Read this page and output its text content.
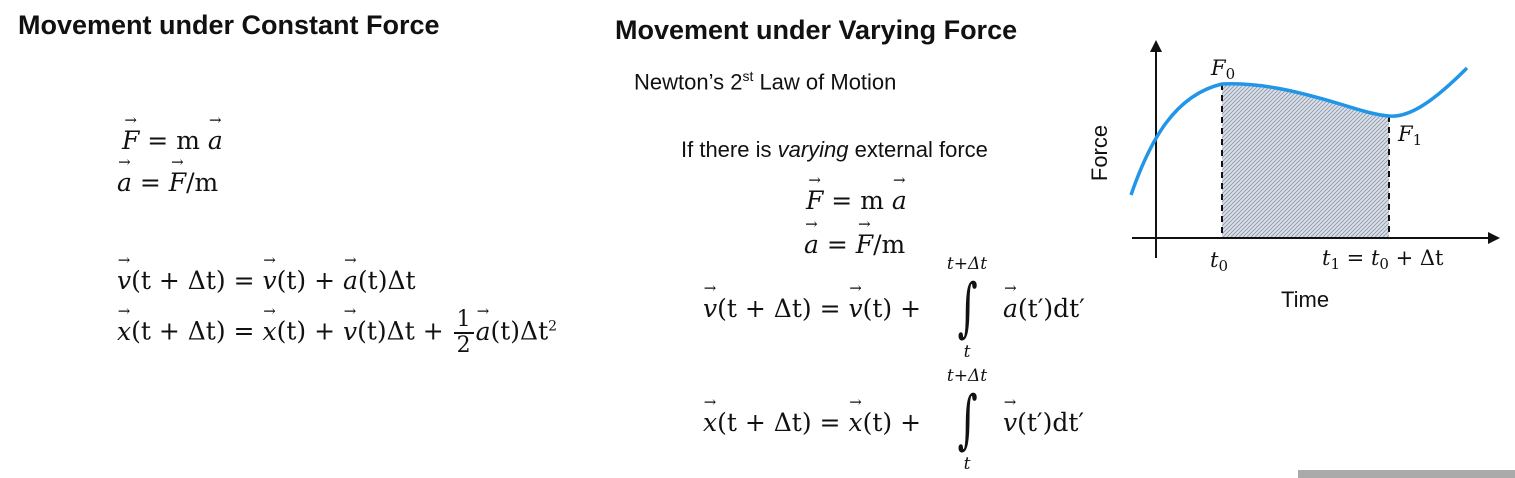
Movement under Constant Force
→ F = m → a
→ a = → F/m
→ v(t + Δt) = → v(t) + → a(t)Δt
→ x(t + Δt) = → x(t) + → $v(t)\Delta t + \frac{1}{2}$
→ $a(t)\Delta t^2$
Movement under Varying Force
Newton’s 2st Law of Motion
If there is varying external force
→ F = m → a
→ a = → F/m
→ v(t + Δt) = → v(t) +
t+Δt
∫
t
→ a(t′)dt′
→ x(t + Δt) = → x(t) +
t+Δt
∫
t
→ v(t′)dt′
Force
Time
$F_0$
$F_1$
$t_0$	$t_1 = t_0 + \Delta t$
